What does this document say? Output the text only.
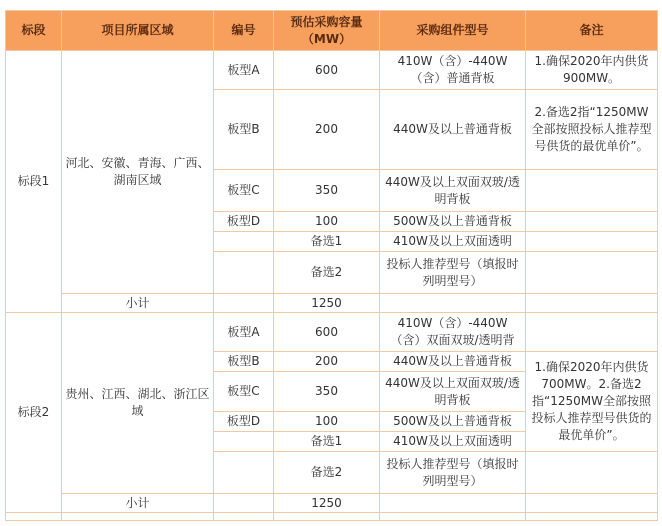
标段	项目所属区域	编号	预估采购容量（MW）	采购组件型号	备注
标段1	河北、安徽、青海、广西、湖南区域	板型A	600	410W（含）-440W（含）普通背板	1.确保2020年内供货900MW。
		板型B	200	440W及以上普通背板	2.备选2指“1250MW全部按照投标人推荐型号供货的最优单价”。
		板型C	350	440W及以上双面双玻/透明背板	
		板型D	100	500W及以上普通背板	
			备选1	410W及以上双面透明	
			备选2	投标人推荐型号（填报时列明型号）	
	小计		1250		
标段2	贵州、江西、湖北、浙江区域	板型A	600	410W（含）-440W（含）双面双玻/透明背	
		板型B	200	440W及以上普通背板	1.确保2020年内供货700MW。2.备选2指“1250MW全部按照投标人推荐型号供货的最优单价”。
		板型C	350	440W及以上双面双玻/透明背板	
		板型D	100	500W及以上普通背板	
			备选1	410W及以上双面透明	
			备选2	投标人推荐型号（填报时列明型号）	
	小计		1250		
